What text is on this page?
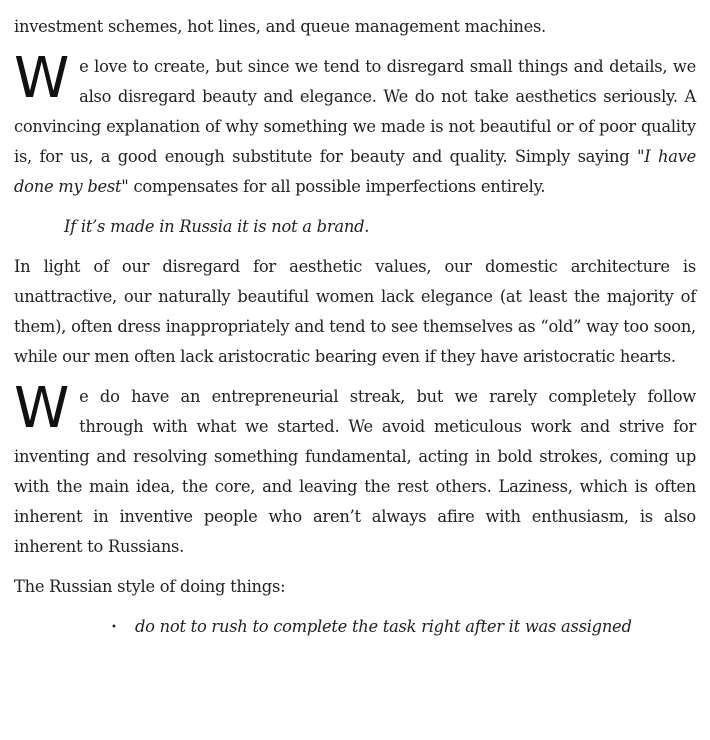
investment schemes, hot lines, and queue management machines.

We love to create, but since we tend to disregard small things and details, we also disregard beauty and elegance. We do not take aesthetics seriously. A convincing explanation of why something we made is not beautiful or of poor quality is, for us, a good enough substitute for beauty and quality. Simply saying "I have done my best" compensates for all possible imperfections entirely.

If it’s made in Russia it is not a brand.

In light of our disregard for aesthetic values, our domestic architecture is unattractive, our naturally beautiful women lack elegance (at least the majority of them), often dress inappropriately and tend to see themselves as “old” way too soon, while our men often lack aristocratic bearing even if they have aristocratic hearts.

We do have an entrepreneurial streak, but we rarely completely follow through with what we started. We avoid meticulous work and strive for inventing and resolving something fundamental, acting in bold strokes, coming up with the main idea, the core, and leaving the rest others. Laziness, which is often inherent in inventive people who aren’t always afire with enthusiasm, is also inherent to Russians.

The Russian style of doing things:

• do not to rush to complete the task right after it was assigned
